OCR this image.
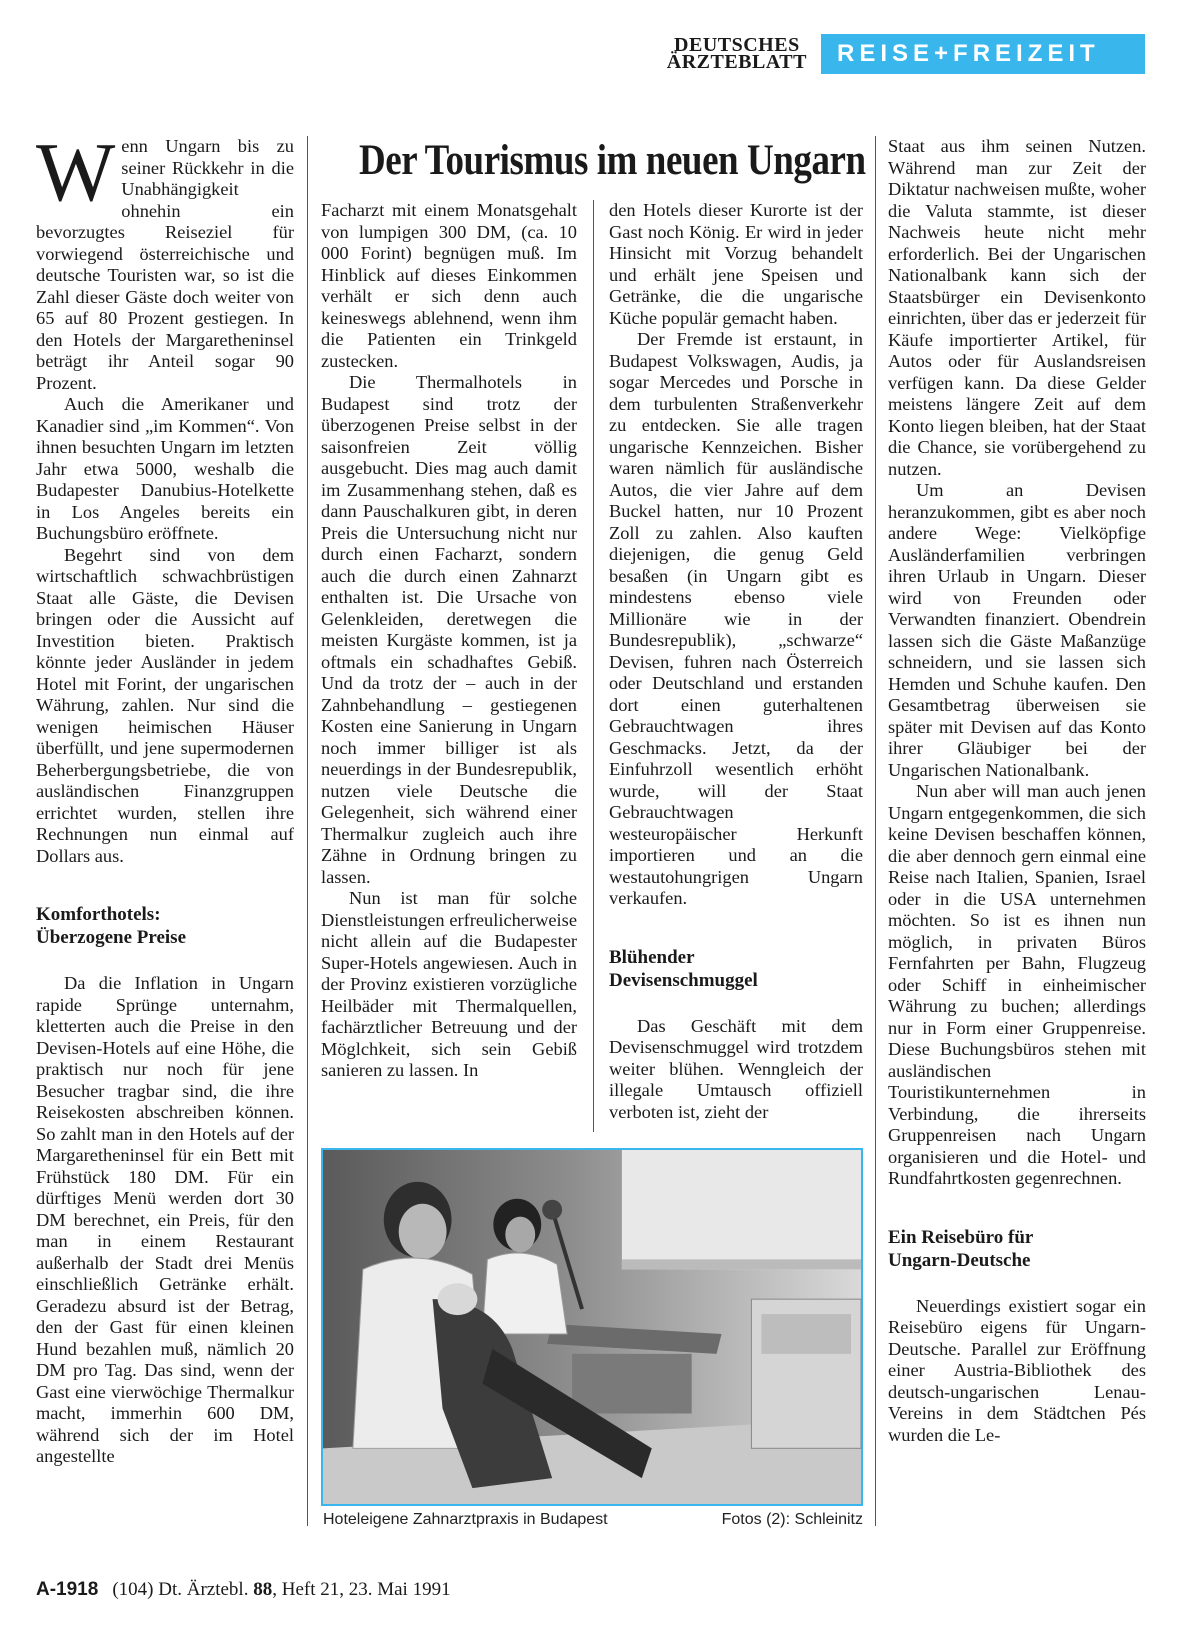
DEUTSCHES
ÄRZTEBLATT	REISE+FREIZEIT
Der Tourismus im neuen Ungarn

Wenn Ungarn bis zu seiner Rückkehr in die Unabhängigkeit ohnehin ein bevorzugtes Reiseziel für vorwiegend österreichische und deutsche Touristen war, so ist die Zahl dieser Gäste doch weiter von 65 auf 80 Prozent gestiegen. In den Hotels der Margaretheninsel beträgt ihr Anteil sogar 90 Prozent.

Auch die Amerikaner und Kanadier sind „im Kommen“. Von ihnen besuchten Ungarn im letzten Jahr etwa 5000, weshalb die Budapester Danubius-Hotelkette in Los Angeles bereits ein Buchungsbüro eröffnete.

Begehrt sind von dem wirtschaftlich schwachbrüstigen Staat alle Gäste, die Devisen bringen oder die Aussicht auf Investition bieten. Praktisch könnte jeder Ausländer in jedem Hotel mit Forint, der ungarischen Währung, zahlen. Nur sind die wenigen heimischen Häuser überfüllt, und jene supermodernen Beherbergungsbetriebe, die von ausländischen Finanzgruppen errichtet wurden, stellen ihre Rechnungen nun einmal auf Dollars aus.

Komforthotels:
Überzogene Preise

Da die Inflation in Ungarn rapide Sprünge unternahm, kletterten auch die Preise in den Devisen-Hotels auf eine Höhe, die praktisch nur noch für jene Besucher tragbar sind, die ihre Reisekosten abschreiben können. So zahlt man in den Hotels auf der Margaretheninsel für ein Bett mit Frühstück 180 DM. Für ein dürftiges Menü werden dort 30 DM berechnet, ein Preis, für den man in einem Restaurant außerhalb der Stadt drei Menüs einschließlich Getränke erhält. Geradezu absurd ist der Betrag, den der Gast für einen kleinen Hund bezahlen muß, nämlich 20 DM pro Tag. Das sind, wenn der Gast eine vierwöchige Thermalkur macht, immerhin 600 DM, während sich der im Hotel angestellte

Facharzt mit einem Monatsgehalt von lumpigen 300 DM, (ca. 10 000 Forint) begnügen muß. Im Hinblick auf dieses Einkommen verhält er sich denn auch keineswegs ablehnend, wenn ihm die Patienten ein Trinkgeld zustecken.

Die Thermalhotels in Budapest sind trotz der überzogenen Preise selbst in der saisonfreien Zeit völlig ausgebucht. Dies mag auch damit im Zusammenhang stehen, daß es dann Pauschalkuren gibt, in deren Preis die Untersuchung nicht nur durch einen Facharzt, sondern auch die durch einen Zahnarzt enthalten ist. Die Ursache von Gelenkleiden, deretwegen die meisten Kurgäste kommen, ist ja oftmals ein schadhaftes Gebiß. Und da trotz der – auch in der Zahnbehandlung – gestiegenen Kosten eine Sanierung in Ungarn noch immer billiger ist als neuerdings in der Bundesrepublik, nutzen viele Deutsche die Gelegenheit, sich während einer Thermalkur zugleich auch ihre Zähne in Ordnung bringen zu lassen.

Nun ist man für solche Dienstleistungen erfreulicherweise nicht allein auf die Budapester Super-Hotels angewiesen. Auch in der Provinz existieren vorzügliche Heilbäder mit Thermalquellen, fachärztlicher Betreuung und der Möglchkeit, sich sein Gebiß sanieren zu lassen. In

den Hotels dieser Kurorte ist der Gast noch König. Er wird in jeder Hinsicht mit Vorzug behandelt und erhält jene Speisen und Getränke, die die ungarische Küche populär gemacht haben.

Der Fremde ist erstaunt, in Budapest Volkswagen, Audis, ja sogar Mercedes und Porsche in dem turbulenten Straßenverkehr zu entdecken. Sie alle tragen ungarische Kennzeichen. Bisher waren nämlich für ausländische Autos, die vier Jahre auf dem Buckel hatten, nur 10 Prozent Zoll zu zahlen. Also kauften diejenigen, die genug Geld besaßen (in Ungarn gibt es mindestens ebenso viele Millionäre wie in der Bundesrepublik), „schwarze“ Devisen, fuhren nach Österreich oder Deutschland und erstanden dort einen guterhaltenen Gebrauchtwagen ihres Geschmacks. Jetzt, da der Einfuhrzoll wesentlich erhöht wurde, will der Staat Gebrauchtwagen westeuropäischer Herkunft importieren und an die westautohungrigen Ungarn verkaufen.

Blühender
Devisenschmuggel

Das Geschäft mit dem Devisenschmuggel wird trotzdem weiter blühen. Wenngleich der illegale Umtausch offiziell verboten ist, zieht der

Staat aus ihm seinen Nutzen. Während man zur Zeit der Diktatur nachweisen mußte, woher die Valuta stammte, ist dieser Nachweis heute nicht mehr erforderlich. Bei der Ungarischen Nationalbank kann sich der Staatsbürger ein Devisenkonto einrichten, über das er jederzeit für Käufe importierter Artikel, für Autos oder für Auslandsreisen verfügen kann. Da diese Gelder meistens längere Zeit auf dem Konto liegen bleiben, hat der Staat die Chance, sie vorübergehend zu nutzen.

Um an Devisen heranzukommen, gibt es aber noch andere Wege: Vielköpfige Ausländerfamilien verbringen ihren Urlaub in Ungarn. Dieser wird von Freunden oder Verwandten finanziert. Obendrein lassen sich die Gäste Maßanzüge schneidern, und sie lassen sich Hemden und Schuhe kaufen. Den Gesamtbetrag überweisen sie später mit Devisen auf das Konto ihrer Gläubiger bei der Ungarischen Nationalbank.

Nun aber will man auch jenen Ungarn entgegenkommen, die sich keine Devisen beschaffen können, die aber dennoch gern einmal eine Reise nach Italien, Spanien, Israel oder in die USA unternehmen möchten. So ist es ihnen nun möglich, in privaten Büros Fernfahrten per Bahn, Flugzeug oder Schiff in einheimischer Währung zu buchen; allerdings nur in Form einer Gruppenreise. Diese Buchungsbüros stehen mit ausländischen Touristikunternehmen in Verbindung, die ihrerseits Gruppenreisen nach Ungarn organisieren und die Hotel- und Rundfahrtkosten gegenrechnen.

Ein Reisebüro für
Ungarn-Deutsche

Neuerdings existiert sogar ein Reisebüro eigens für Ungarn-Deutsche. Parallel zur Eröffnung einer Austria-Bibliothek des deutsch-ungarischen Lenau-Vereins in dem Städtchen Pés wurden die Le-

Hoteleigene Zahnarztpraxis in Budapest	Fotos (2): Schleinitz
A-1918 (104) Dt. Ärztebl. 88, Heft 21, 23. Mai 1991
